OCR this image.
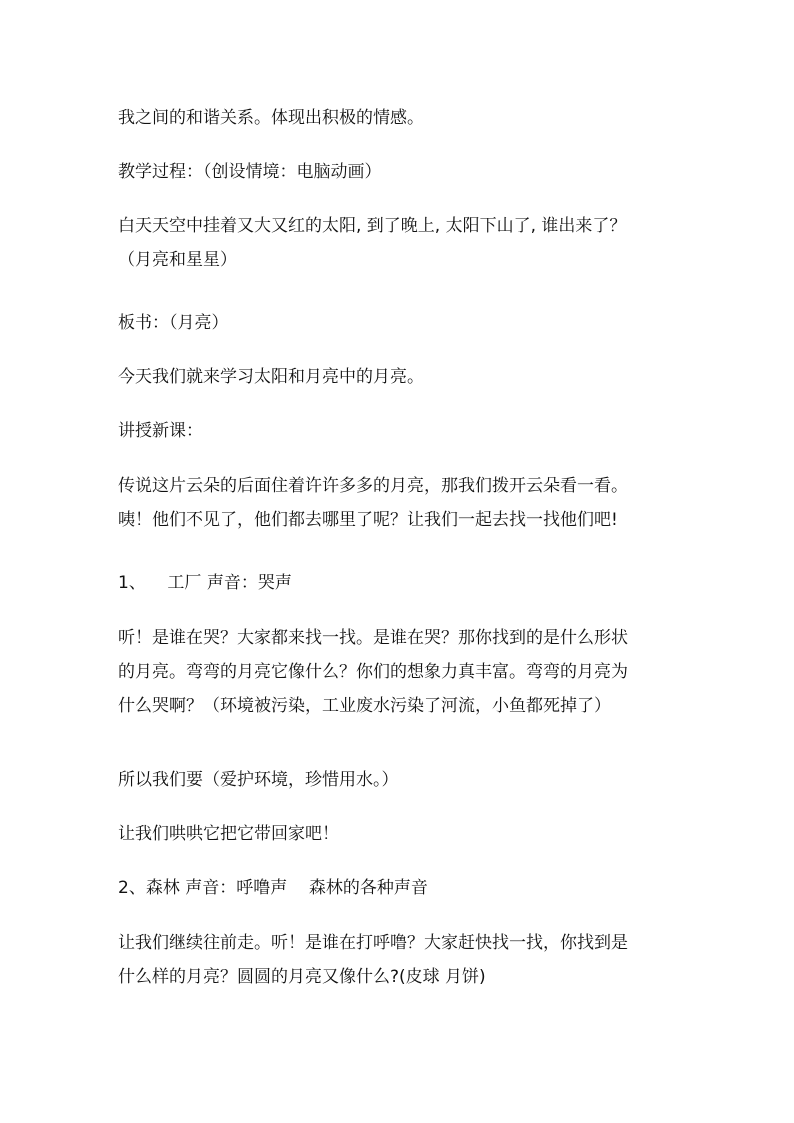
我之间的和谐关系。体现出积极的情感。
教学过程：（创设情境：电脑动画）
白天天空中挂着又大又红的太阳, 到了晚上, 太阳下山了, 谁出来了？
（月亮和星星）
板书：（月亮）
今天我们就来学习太阳和月亮中的月亮。
讲授新课：
传说这片云朵的后面住着许许多多的月亮，那我们拨开云朵看一看。
咦！他们不见了，他们都去哪里了呢？让我们一起去找一找他们吧!
1、    工厂 声音：哭声
听！是谁在哭？大家都来找一找。是谁在哭？那你找到的是什么形状
的月亮。弯弯的月亮它像什么？你们的想象力真丰富。弯弯的月亮为
什么哭啊？（环境被污染，工业废水污染了河流，小鱼都死掉了）
所以我们要（爱护环境，珍惜用水。）
让我们哄哄它把它带回家吧！
2、森林 声音：呼噜声    森林的各种声音
让我们继续往前走。听！是谁在打呼噜？大家赶快找一找，你找到是
什么样的月亮？圆圆的月亮又像什么?(皮球 月饼)
